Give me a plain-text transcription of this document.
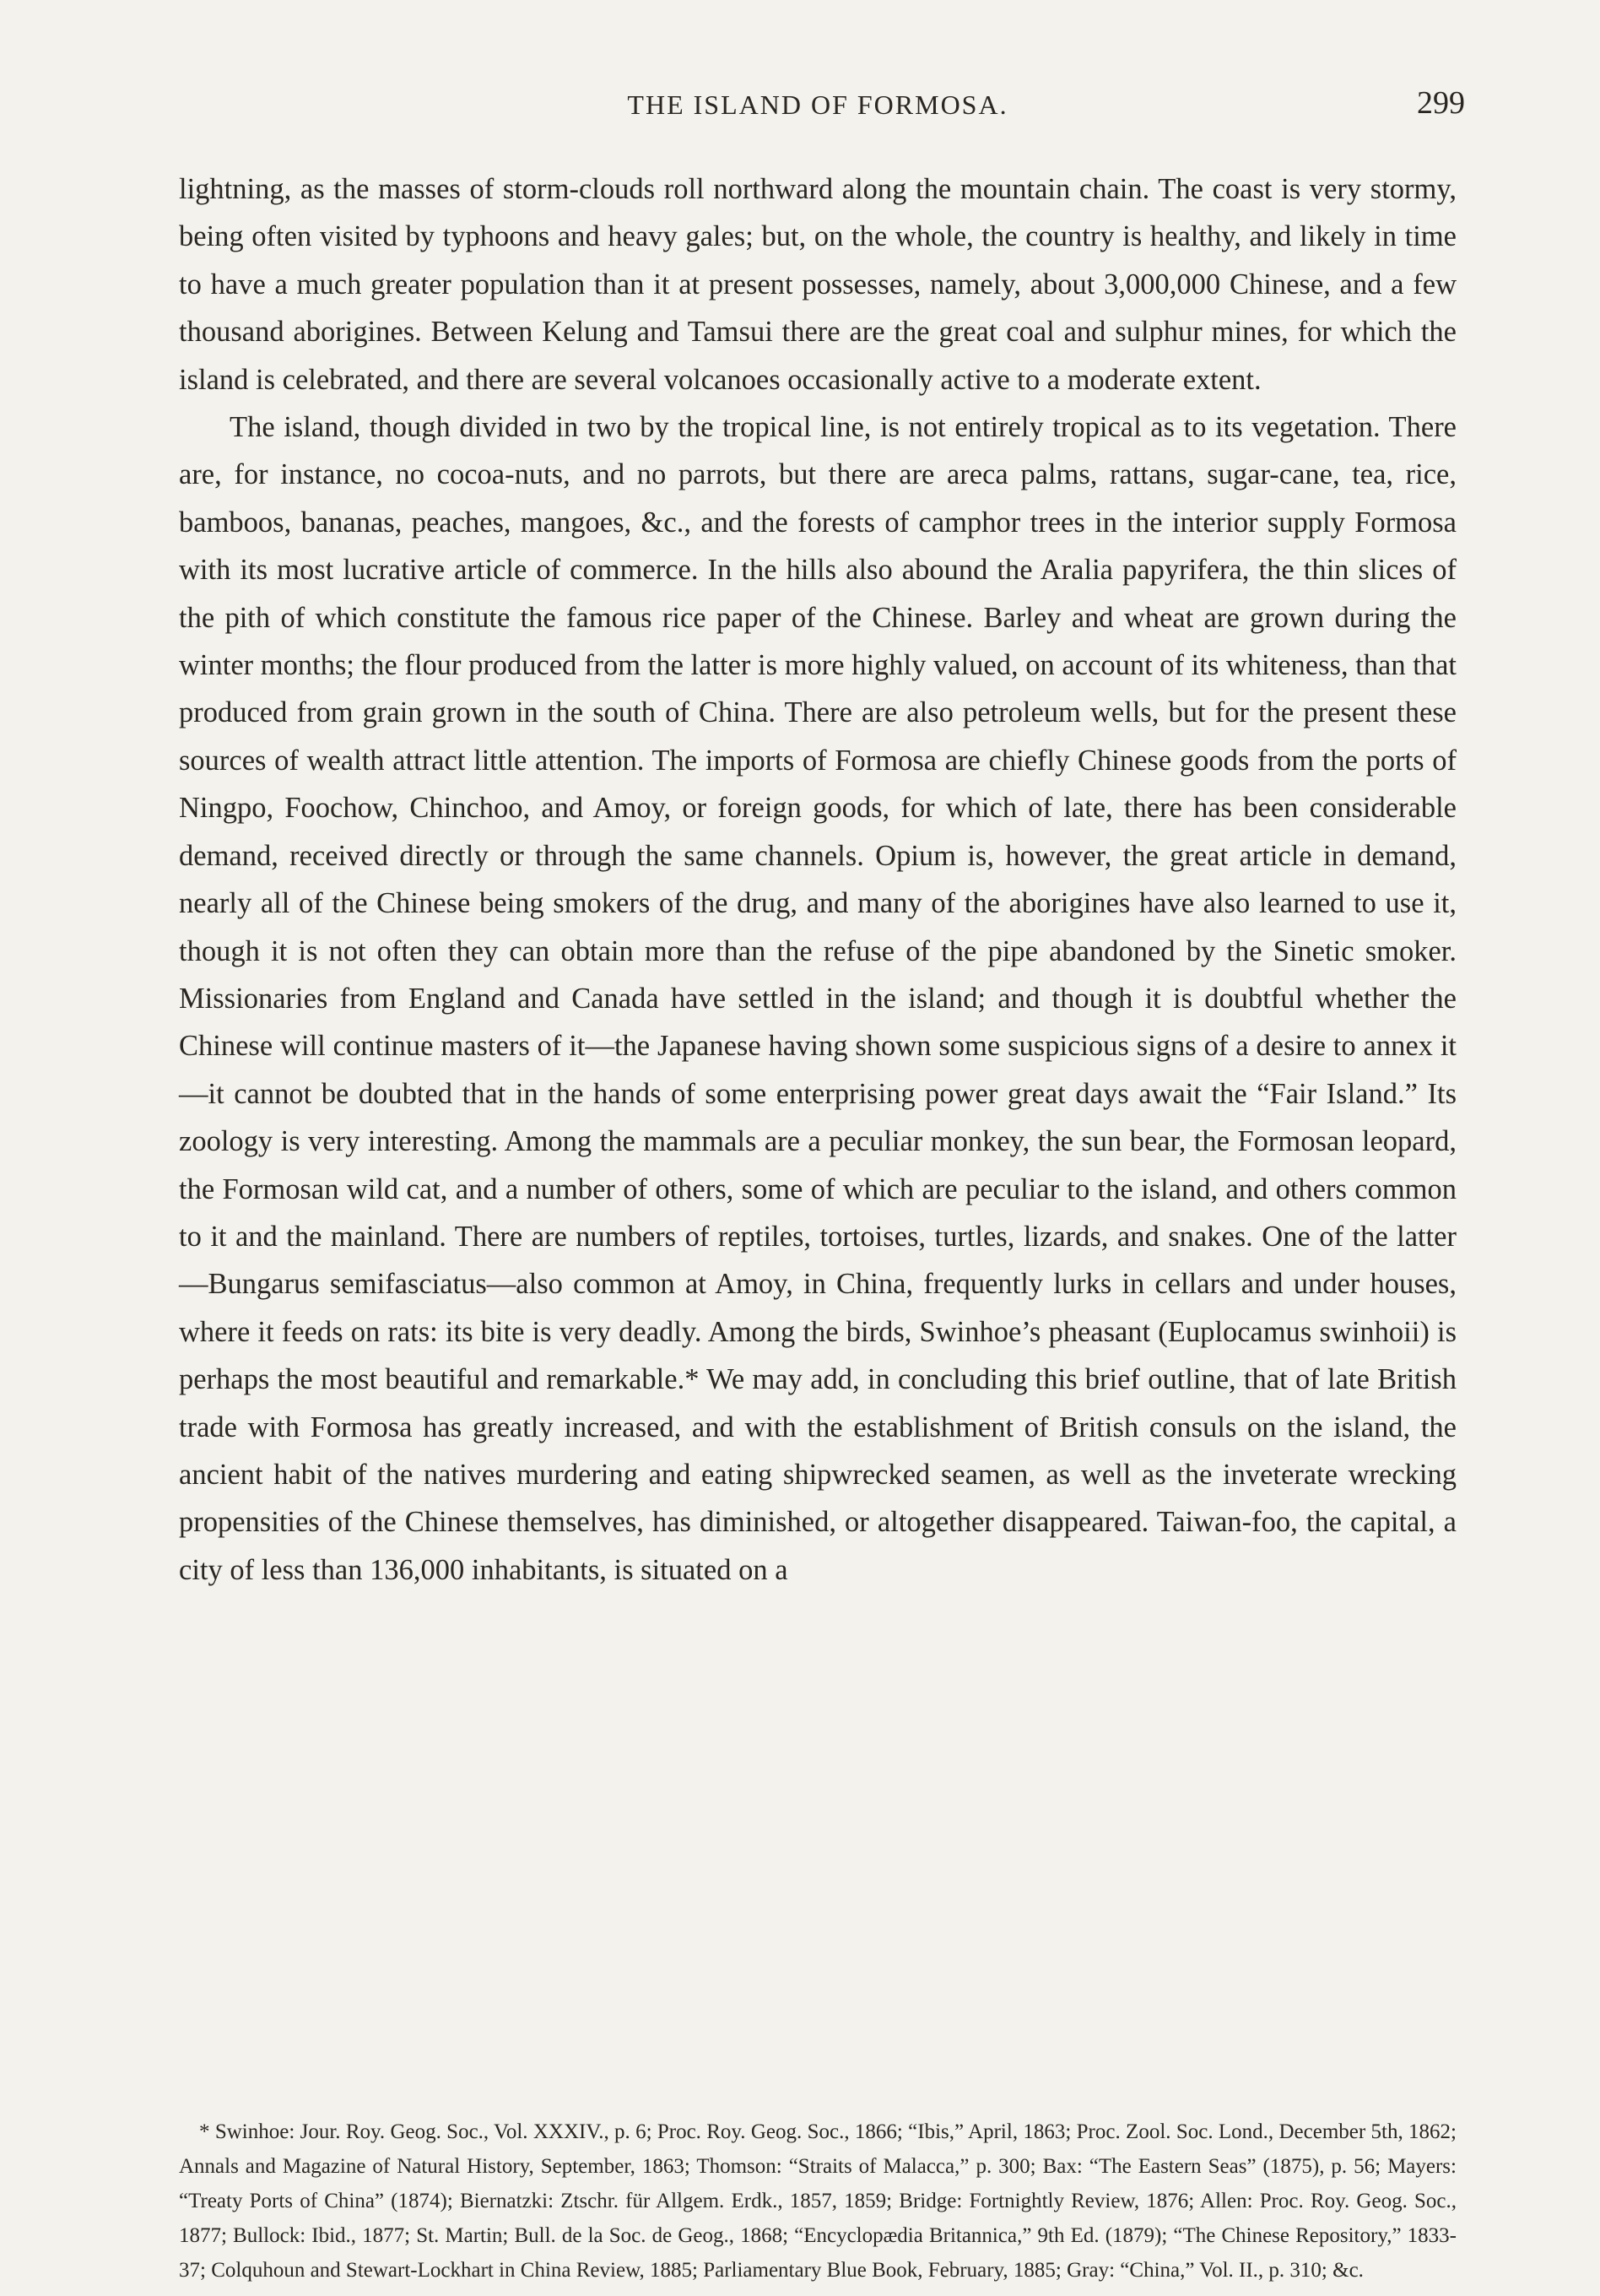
THE ISLAND OF FORMOSA.	299

lightning, as the masses of storm-clouds roll northward along the mountain chain. The coast is very stormy, being often visited by typhoons and heavy gales; but, on the whole, the country is healthy, and likely in time to have a much greater population than it at present possesses, namely, about 3,000,000 Chinese, and a few thousand aborigines. Between Kelung and Tamsui there are the great coal and sulphur mines, for which the island is celebrated, and there are several volcanoes occasionally active to a moderate extent.

The island, though divided in two by the tropical line, is not entirely tropical as to its vegetation. There are, for instance, no cocoa-nuts, and no parrots, but there are areca palms, rattans, sugar-cane, tea, rice, bamboos, bananas, peaches, mangoes, &c., and the forests of camphor trees in the interior supply Formosa with its most lucrative article of commerce. In the hills also abound the Aralia papyrifera, the thin slices of the pith of which constitute the famous rice paper of the Chinese. Barley and wheat are grown during the winter months; the flour produced from the latter is more highly valued, on account of its whiteness, than that produced from grain grown in the south of China. There are also petroleum wells, but for the present these sources of wealth attract little attention. The imports of Formosa are chiefly Chinese goods from the ports of Ningpo, Foochow, Chinchoo, and Amoy, or foreign goods, for which of late, there has been considerable demand, received directly or through the same channels. Opium is, however, the great article in demand, nearly all of the Chinese being smokers of the drug, and many of the aborigines have also learned to use it, though it is not often they can obtain more than the refuse of the pipe abandoned by the Sinetic smoker. Missionaries from England and Canada have settled in the island; and though it is doubtful whether the Chinese will continue masters of it—the Japanese having shown some suspicious signs of a desire to annex it—it cannot be doubted that in the hands of some enterprising power great days await the “Fair Island.” Its zoology is very interesting. Among the mammals are a peculiar monkey, the sun bear, the Formosan leopard, the Formosan wild cat, and a number of others, some of which are peculiar to the island, and others common to it and the mainland. There are numbers of reptiles, tortoises, turtles, lizards, and snakes. One of the latter—Bungarus semifasciatus—also common at Amoy, in China, frequently lurks in cellars and under houses, where it feeds on rats: its bite is very deadly. Among the birds, Swinhoe’s pheasant (Euplocamus swinhoii) is perhaps the most beautiful and remarkable.* We may add, in concluding this brief outline, that of late British trade with Formosa has greatly increased, and with the establishment of British consuls on the island, the ancient habit of the natives murdering and eating shipwrecked seamen, as well as the inveterate wrecking propensities of the Chinese themselves, has diminished, or altogether disappeared. Taiwan-foo, the capital, a city of less than 136,000 inhabitants, is situated on a

* Swinhoe: Jour. Roy. Geog. Soc., Vol. XXXIV., p. 6; Proc. Roy. Geog. Soc., 1866; “Ibis,” April, 1863; Proc. Zool. Soc. Lond., December 5th, 1862; Annals and Magazine of Natural History, September, 1863; Thomson: “Straits of Malacca,” p. 300; Bax: “The Eastern Seas” (1875), p. 56; Mayers: “Treaty Ports of China” (1874); Biernatzki: Ztschr. für Allgem. Erdk., 1857, 1859; Bridge: Fortnightly Review, 1876; Allen: Proc. Roy. Geog. Soc., 1877; Bullock: Ibid., 1877; St. Martin; Bull. de la Soc. de Geog., 1868; “Encyclopædia Britannica,” 9th Ed. (1879); “The Chinese Repository,” 1833-37; Colquhoun and Stewart-Lockhart in China Review, 1885; Parliamentary Blue Book, February, 1885; Gray: “China,” Vol. II., p. 310; &c.
